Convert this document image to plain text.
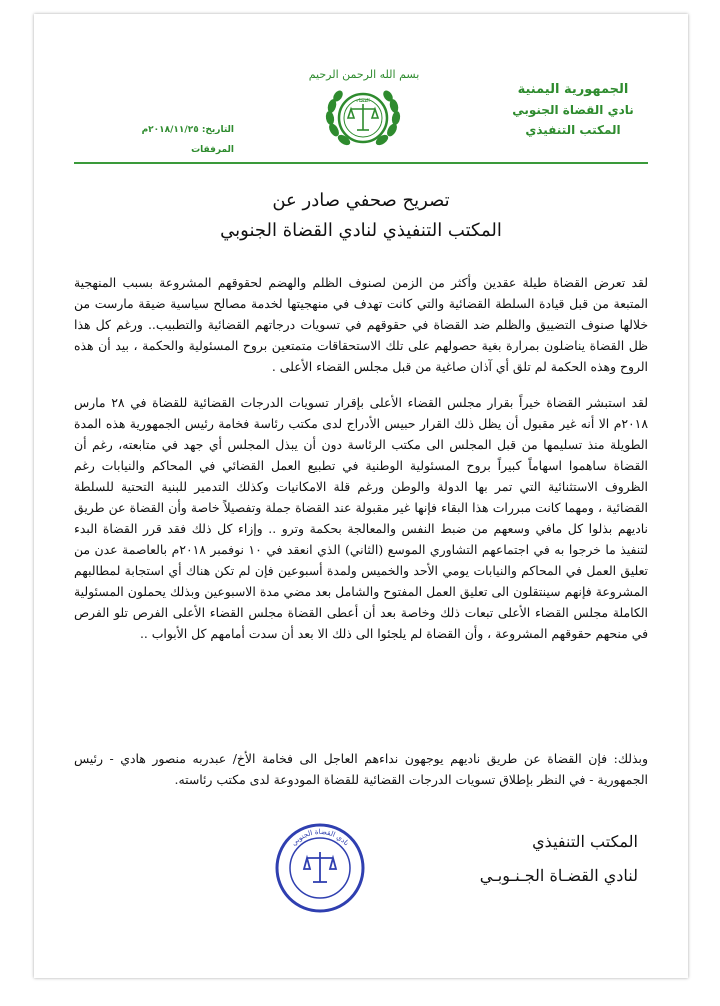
بسم الله الرحمن الرحيم
الجمهورية اليمنية
نادي القضاة الجنوبي
المكتب التنفيذي
التاريخ: ٢٠١٨/١١/٢٥م
المرفقات
القضاء
تصريح صحفي صادر عن
المكتب التنفيذي لنادي القضاة الجنوبي
لقد تعرض القضاة طيلة عقدين وأكثر من الزمن لصنوف الظلم والهضم لحقوقهم المشروعة بسبب المنهجية المتبعة من قبل قيادة السلطة القضائية والتي كانت تهدف في منهجيتها لخدمة مصالح سياسية ضيقة مارست من خلالها صنوف التضييق والظلم ضد القضاة في حقوقهم في تسويات درجاتهم القضائية والتطبيب.. ورغم كل هذا ظل القضاة يناضلون بمرارة بغية حصولهم على تلك الاستحقاقات متمتعين بروح المسئولية والحكمة ، بيد أن هذه الروح وهذه الحكمة لم تلق أي آذان صاغية من قبل مجلس القضاء الأعلى .
لقد استبشر القضاة خيراً بقرار مجلس القضاء الأعلى بإقرار تسويات الدرجات القضائية للقضاة في ٢٨ مارس ٢٠١٨م الا أنه غير مقبول أن يظل ذلك القرار حبيس الأدراج لدى مكتب رئاسة فخامة رئيس الجمهورية هذه المدة الطويلة منذ تسليمها من قبل المجلس الى مكتب الرئاسة دون أن يبذل المجلس أي جهد في متابعته، رغم أن القضاة ساهموا اسهاماً كبيراً بروح المسئولية الوطنية في تطبيع العمل القضائي في المحاكم والنيابات رغم الظروف الاستثنائية التي تمر بها الدولة والوطن ورغم قلة الامكانيات وكذلك التدمير للبنية التحتية للسلطة القضائية ، ومهما كانت مبررات هذا البقاء فإنها غير مقبولة عند القضاة جملة وتفصيلاً خاصة وأن القضاة عن طريق ناديهم بذلوا كل مافي وسعهم من ضبط النفس والمعالجة بحكمة وترو .. وإزاء كل ذلك فقد قرر القضاة البدء لتنفيذ ما خرجوا به في اجتماعهم التشاوري الموسع (الثاني) الذي انعقد في ١٠ نوفمبر ٢٠١٨م بالعاصمة عدن من تعليق العمل في المحاكم والنيابات يومي الأحد والخميس ولمدة أسبوعين فإن لم تكن هناك أي استجابة لمطالبهم المشروعة فإنهم سينتقلون الى تعليق العمل المفتوح والشامل بعد مضي مدة الاسبوعين وبذلك يحملون المسئولية الكاملة مجلس القضاء الأعلى تبعات ذلك وخاصة بعد أن أعطى القضاة مجلس القضاء الأعلى الفرص تلو الفرص في منحهم حقوقهم المشروعة ، وأن القضاة لم يلجئوا الى ذلك الا بعد أن سدت أمامهم كل الأبواب ..
وبذلك: فإن القضاة عن طريق ناديهم يوجهون نداءهم العاجل الى فخامة الأخ/ عبدربه منصور هادي - رئيس الجمهورية - في النظر بإطلاق تسويات الدرجات القضائية للقضاة المودوعة لدى مكتب رئاسته.
المكتب التنفيذي
لنادي القضـاة الجـنـوبـي
نادي القضاة الجنوبي
